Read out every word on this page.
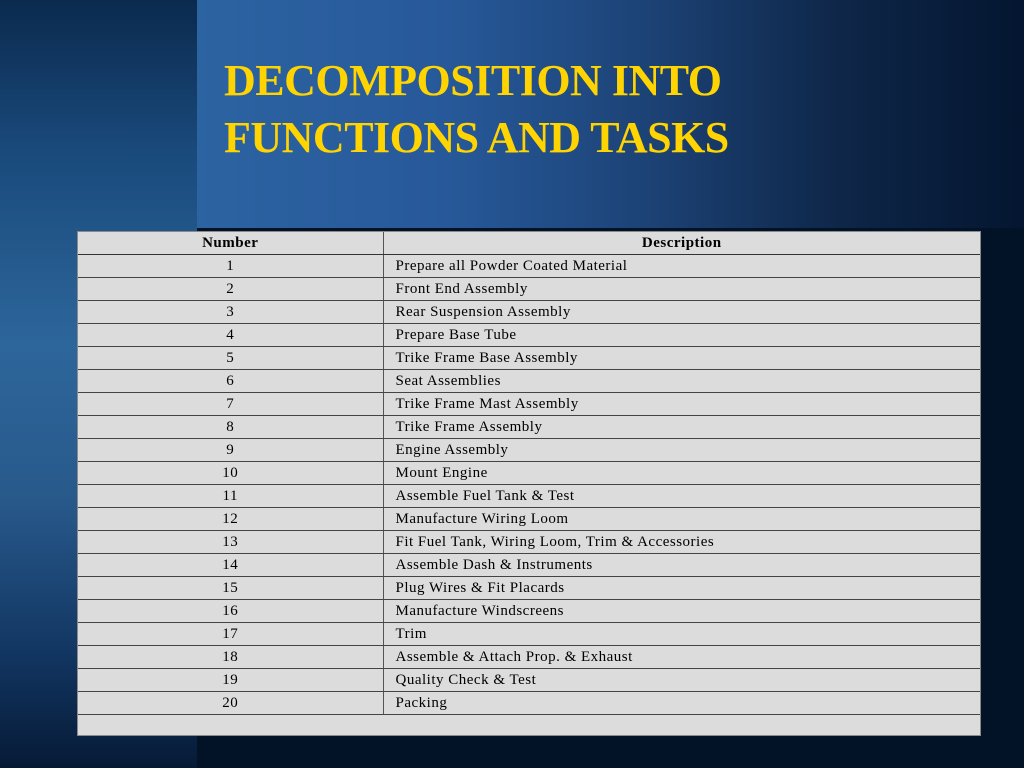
DECOMPOSITION INTO
FUNCTIONS AND TASKS
Number	Description
1	Prepare all Powder Coated Material
2	Front End Assembly
3	Rear Suspension Assembly
4	Prepare Base Tube
5	Trike Frame Base Assembly
6	Seat Assemblies
7	Trike Frame Mast Assembly
8	Trike Frame Assembly
9	Engine Assembly
10	Mount Engine
11	Assemble Fuel Tank & Test
12	Manufacture Wiring Loom
13	Fit Fuel Tank, Wiring Loom, Trim & Accessories
14	Assemble Dash & Instruments
15	Plug Wires & Fit Placards
16	Manufacture Windscreens
17	Trim
18	Assemble & Attach Prop. & Exhaust
19	Quality Check & Test
20	Packing
